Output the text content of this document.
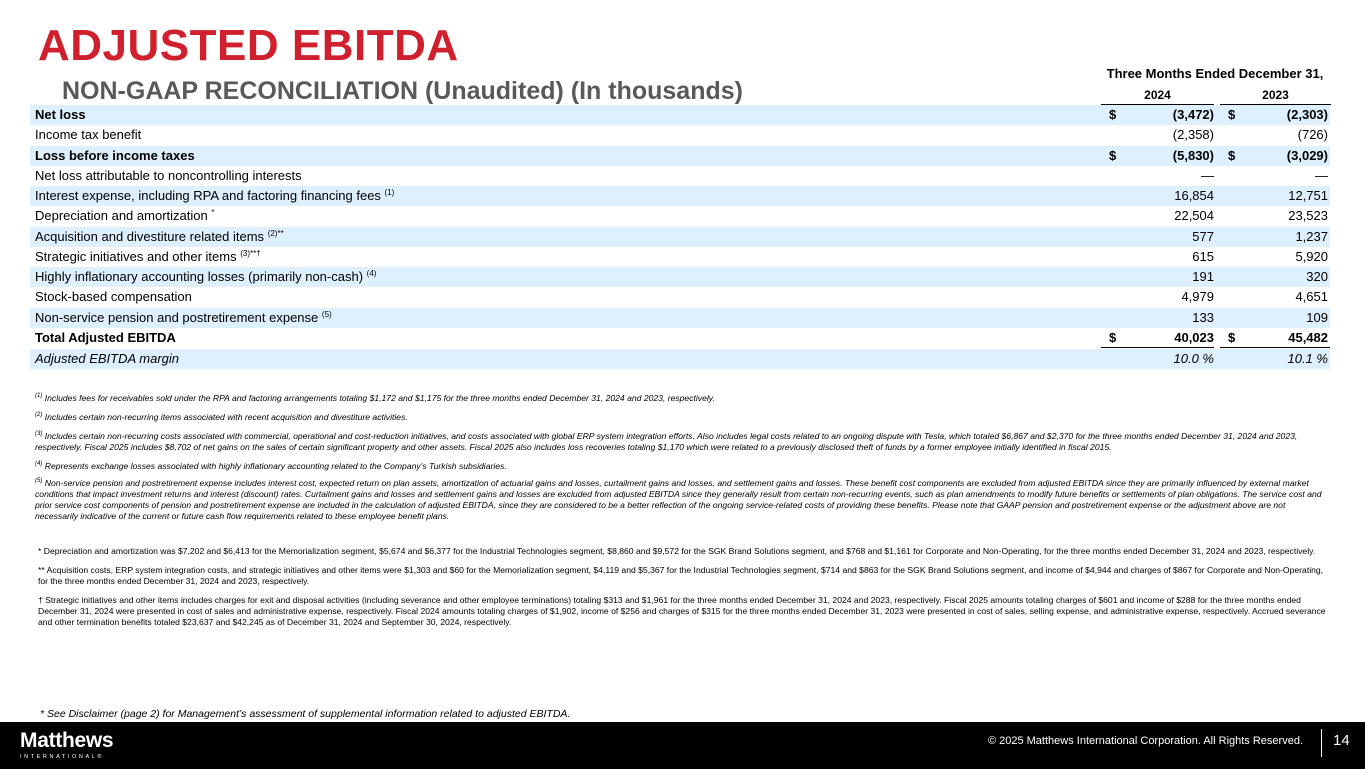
ADJUSTED EBITDA
NON-GAAP RECONCILIATION (Unaudited) (In thousands)
Three Months Ended December 31,
2024	2023
Net loss	$	(3,472) $	(2,303)
Income tax benefit	(2,358)	(726)
Loss before income taxes	$	(5,830) $	(3,029)
Net loss attributable to noncontrolling interests	—	—
Interest expense, including RPA and factoring financing fees $^{(1)}$	16,854	12,751
Depreciation and amortization *	22,504	23,523
Acquisition and divestiture related items $^{(2)**}$	577	1,237
Strategic initiatives and other items $^{(3)**\dagger}$	615	5,920
Highly inflationary accounting losses (primarily non-cash) $^{(4)}$	191	320
Stock-based compensation	4,979	4,651
Non-service pension and postretirement expense $^{(5)}$	133	109
Total Adjusted EBITDA	$	40,023 $	45,482
Adjusted EBITDA margin	10.0 %	10.1 %

$^{(1)}$ Includes fees for receivables sold under the RPA and factoring arrangements totaling $1,172 and $1,175 for the three months ended December 31, 2024 and 2023, respectively.

$^{(2)}$ Includes certain non-recurring items associated with recent acquisition and divestiture activities.

$^{(3)}$ Includes certain non-recurring costs associated with commercial, operational and cost-reduction initiatives, and costs associated with global ERP system integration efforts. Also includes legal costs related to an ongoing dispute with Tesla, which totaled $6,867 and $2,370 for the three months ended December 31, 2024 and 2023, respectively. Fiscal 2025 includes $8,702 of net gains on the sales of certain significant property and other assets. Fiscal 2025 also includes loss recoveries totaling $1,170 which were related to a previously disclosed theft of funds by a former employee initially identified in fiscal 2015.

$^{(4)}$ Represents exchange losses associated with highly inflationary accounting related to the Company's Turkish subsidiaries.

$^{(5)}$ Non-service pension and postretirement expense includes interest cost, expected return on plan assets, amortization of actuarial gains and losses, curtailment gains and losses, and settlement gains and losses. These benefit cost components are excluded from adjusted EBITDA since they are primarily influenced by external market conditions that impact investment returns and interest (discount) rates. Curtailment gains and losses and settlement gains and losses are excluded from adjusted EBITDA since they generally result from certain non-recurring events, such as plan amendments to modify future benefits or settlements of plan obligations. The service cost and prior service cost components of pension and postretirement expense are included in the calculation of adjusted EBITDA, since they are considered to be a better reflection of the ongoing service-related costs of providing these benefits. Please note that GAAP pension and postretirement expense or the adjustment above are not necessarily indicative of the current or future cash flow requirements related to these employee benefit plans.

* Depreciation and amortization was $7,202 and $6,413 for the Memorialization segment, $5,674 and $6,377 for the Industrial Technologies segment, $8,860 and $9,572 for the SGK Brand Solutions segment, and $768 and $1,161 for Corporate and Non-Operating, for the three months ended December 31, 2024 and 2023, respectively.

** Acquisition costs, ERP system integration costs, and strategic initiatives and other items were $1,303 and $60 for the Memorialization segment, $4,119 and $5,367 for the Industrial Technologies segment, $714 and $863 for the SGK Brand Solutions segment, and income of $4,944 and charges of $867 for Corporate and Non-Operating, for the three months ended December 31, 2024 and 2023, respectively.

† Strategic initiatives and other items includes charges for exit and disposal activities (including severance and other employee terminations) totaling $313 and $1,961 for the three months ended December 31, 2024 and 2023, respectively. Fiscal 2025 amounts totaling charges of $601 and income of $288 for the three months ended December 31, 2024 were presented in cost of sales and administrative expense, respectively. Fiscal 2024 amounts totaling charges of $1,902, income of $256 and charges of $315 for the three months ended December 31, 2023 were presented in cost of sales, selling expense, and administrative expense, respectively. Accrued severance and other termination benefits totaled $23,637 and $42,245 as of December 31, 2024 and September 30, 2024, respectively.

* See Disclaimer (page 2) for Management’s assessment of supplemental information related to adjusted EBITDA.
Matthews
INTERNATIONAL®
© 2025 Matthews International Corporation. All Rights Reserved. 14
